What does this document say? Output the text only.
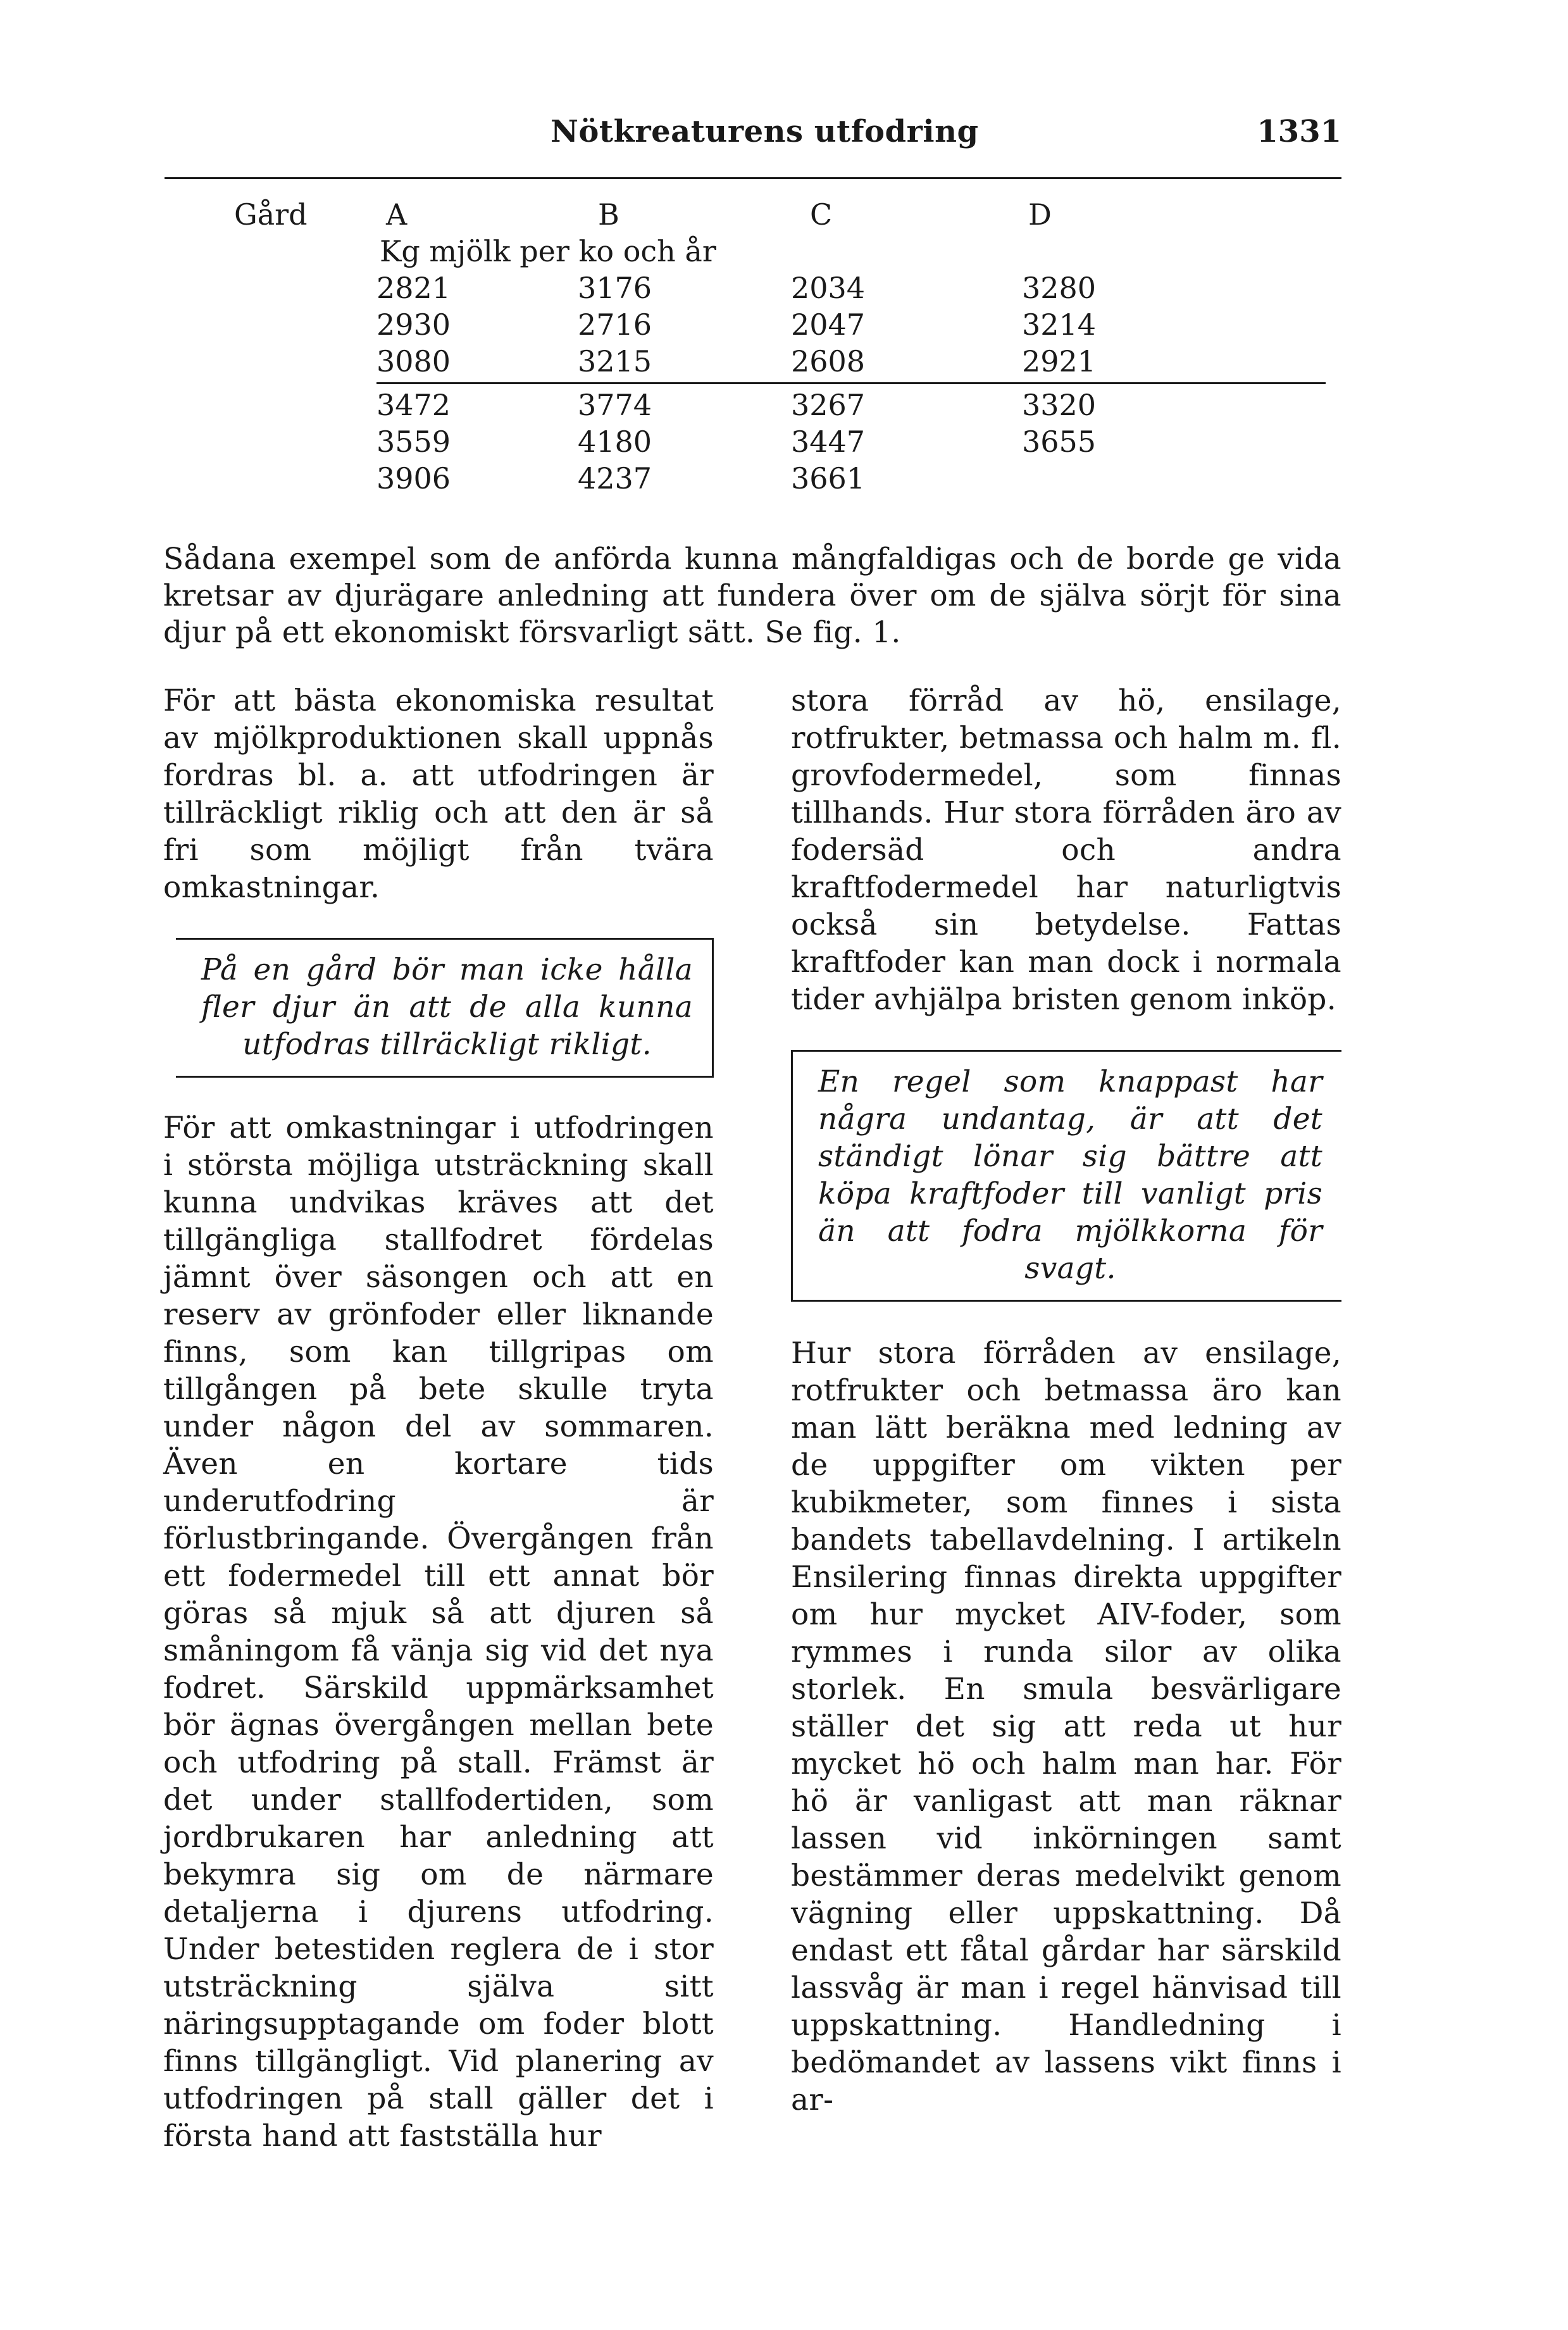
Nötkreaturens utfodring	1331
Gård	A	B	C	D
Kg mjölk per ko och år
2821	3176	2034	3280
2930	2716	2047	3214
3080	3215	2608	2921
3472	3774	3267	3320
3559	4180	3447	3655
3906	4237	3661
Sådana exempel som de anförda kunna mångfaldigas och de borde ge vida kretsar av djurägare anledning att fundera över om de själva sörjt för sina djur på ett ekonomiskt försvarligt sätt. Se fig. 1.

För att bästa ekonomiska resultat av mjölkproduktionen skall uppnås fordras bl. a. att utfodringen är tillräckligt riklig och att den är så fri som möjligt från tvära omkastningar.

På en gård bör man icke hålla fler djur än att de alla kunna utfodras tillräckligt rikligt.

För att omkastningar i utfodringen i största möjliga utsträckning skall kunna undvikas kräves att det tillgängliga stallfodret fördelas jämnt över säsongen och att en reserv av grönfoder eller liknande finns, som kan tillgripas om tillgången på bete skulle tryta under någon del av sommaren. Även en kortare tids underutfodring är förlustbringande. Övergången från ett fodermedel till ett annat bör göras så mjuk så att djuren så småningom få vänja sig vid det nya fodret. Särskild uppmärksamhet bör ägnas övergången mellan bete och utfodring på stall. Främst är det under stallfodertiden, som jordbrukaren har anledning att bekymra sig om de närmare detaljerna i djurens utfodring. Under betestiden reglera de i stor utsträckning själva sitt näringsupptagande om foder blott finns tillgängligt. Vid planering av utfodringen på stall gäller det i första hand att fastställa hur

stora förråd av hö, ensilage, rotfrukter, betmassa och halm m. fl. grovfodermedel, som finnas tillhands. Hur stora förråden äro av fodersäd och andra kraftfodermedel har naturligtvis också sin betydelse. Fattas kraftfoder kan man dock i normala tider avhjälpa bristen genom inköp.

En regel som knappast har några undantag, är att det ständigt lönar sig bättre att köpa kraftfoder till vanligt pris än att fodra mjölkkorna för svagt.

Hur stora förråden av ensilage, rotfrukter och betmassa äro kan man lätt beräkna med ledning av de uppgifter om vikten per kubikmeter, som finnes i sista bandets tabellavdelning. I artikeln Ensilering finnas direkta uppgifter om hur mycket AIV-foder, som rymmes i runda silor av olika storlek. En smula besvärligare ställer det sig att reda ut hur mycket hö och halm man har. För hö är vanligast att man räknar lassen vid inkörningen samt bestämmer deras medelvikt genom vägning eller uppskattning. Då endast ett fåtal gårdar har särskild lassvåg är man i regel hänvisad till uppskattning. Handledning i bedömandet av lassens vikt finns i ar-
